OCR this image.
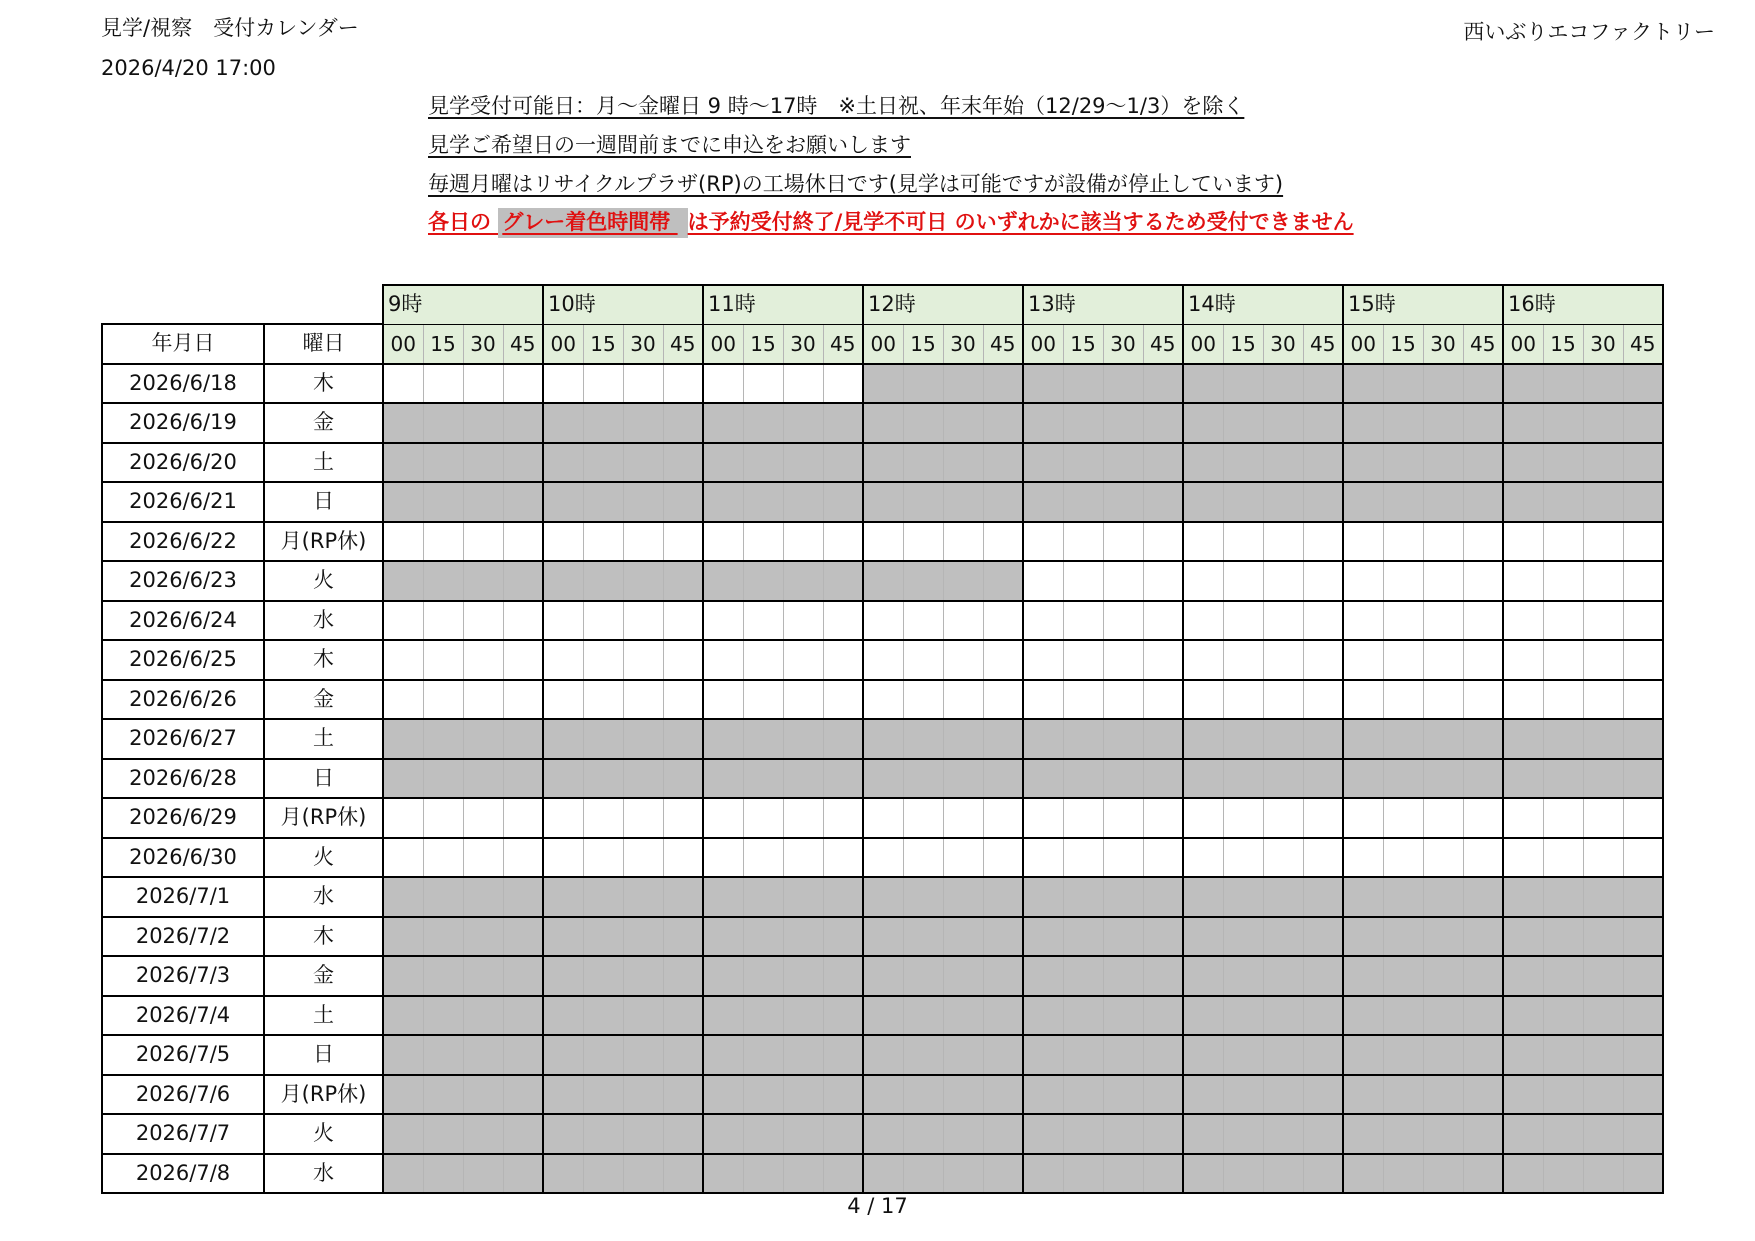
見学/視察　受付カレンダー
2026/4/20 17:00
西いぶりエコファクトリー
見学受付可能日：月〜金曜日 9 時〜17時　※土日祝、年末年始（12/29〜1/3）を除く
見学ご希望日の一週間前までに申込をお願いします
毎週月曜はリサイクルプラザ(RP)の工場休日です(見学は可能ですが設備が停止しています)
各日の グレー着色時間帯 は予約受付終了/見学不可日 のいずれかに該当するため受付できません
		9時				10時				11時				12時				13時				14時				15時				16時			
年月日	曜日	00	15	30	45	00	15	30	45	00	15	30	45	00	15	30	45	00	15	30	45	00	15	30	45	00	15	30	45	00	15	30	45
2026/6/18	木																																
2026/6/19	金																																
2026/6/20	土																																
2026/6/21	日																																
2026/6/22	月(RP休)																																
2026/6/23	火																																
2026/6/24	水																																
2026/6/25	木																																
2026/6/26	金																																
2026/6/27	土																																
2026/6/28	日																																
2026/6/29	月(RP休)																																
2026/6/30	火																																
2026/7/1	水																																
2026/7/2	木																																
2026/7/3	金																																
2026/7/4	土																																
2026/7/5	日																																
2026/7/6	月(RP休)																																
2026/7/7	火																																
2026/7/8	水																																
4 / 17
